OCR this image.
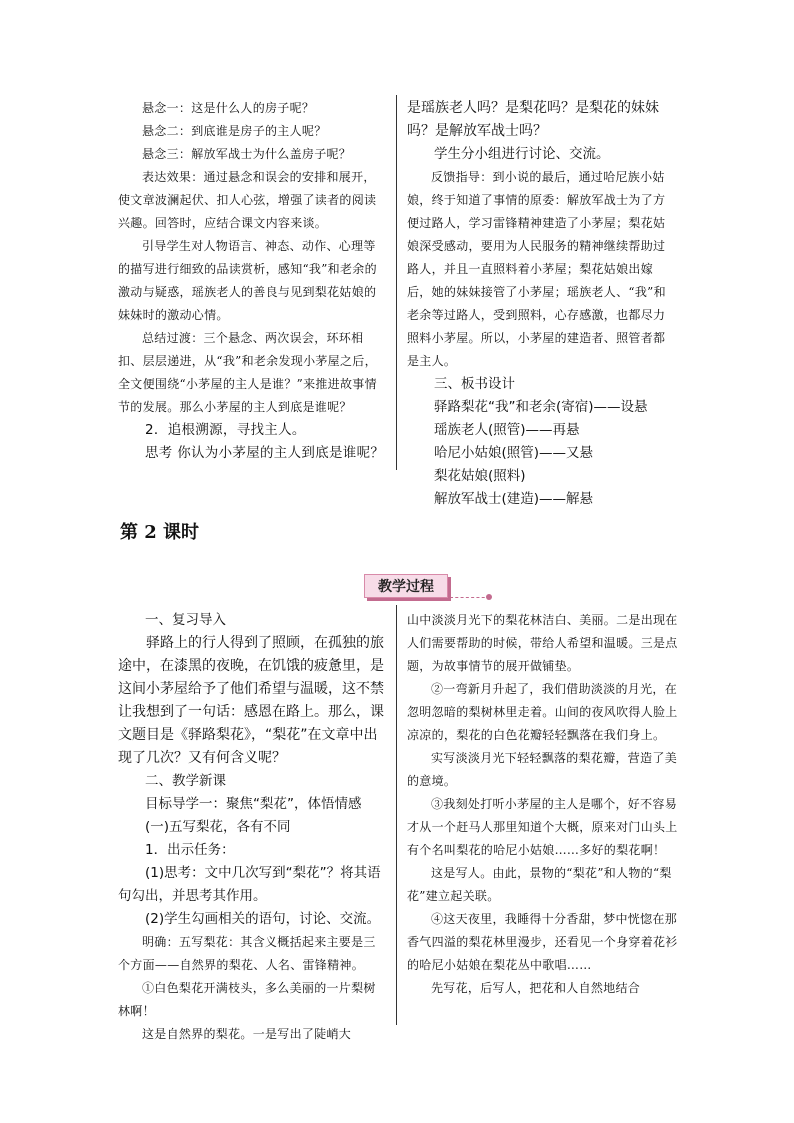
悬念一：这是什么人的房子呢？

悬念二：到底谁是房子的主人呢？

悬念三：解放军战士为什么盖房子呢？

表达效果：通过悬念和误会的安排和展开，使文章波澜起伏、扣人心弦，增强了读者的阅读兴趣。回答时，应结合课文内容来谈。

引导学生对人物语言、神态、动作、心理等的描写进行细致的品读赏析，感知“我”和老余的激动与疑惑，瑶族老人的善良与见到梨花姑娘的妹妹时的激动心情。

总结过渡：三个悬念、两次误会，环环相扣、层层递进，从“我”和老余发现小茅屋之后，全文便围绕“小茅屋的主人是谁？”来推进故事情节的发展。那么小茅屋的主人到底是谁呢？

2．追根溯源，寻找主人。

思考 你认为小茅屋的主人到底是谁呢？

是瑶族老人吗？是梨花吗？是梨花的妹妹吗？是解放军战士吗？

学生分小组进行讨论、交流。

反馈指导：到小说的最后，通过哈尼族小姑娘，终于知道了事情的原委：解放军战士为了方便过路人，学习雷锋精神建造了小茅屋；梨花姑娘深受感动，要用为人民服务的精神继续帮助过路人，并且一直照料着小茅屋；梨花姑娘出嫁后，她的妹妹接管了小茅屋；瑶族老人、“我”和老余等过路人，受到照料，心存感激，也都尽力照料小茅屋。所以，小茅屋的建造者、照管者都是主人。

三、板书设计

驿路梨花“我”和老余(寄宿)——设悬

瑶族老人(照管)——再悬

哈尼小姑娘(照管)——又悬

梨花姑娘(照料)

解放军战士(建造)——解悬

第 2 课时
教学过程

一、复习导入

驿路上的行人得到了照顾，在孤独的旅途中，在漆黑的夜晚，在饥饿的疲惫里，是这间小茅屋给予了他们希望与温暖，这不禁让我想到了一句话：感恩在路上。那么，课文题目是《驿路梨花》，“梨花”在文章中出现了几次？又有何含义呢？

二、教学新课

目标导学一：聚焦“梨花”，体悟情感

(一)五写梨花，各有不同

1．出示任务：

(1)思考：文中几次写到“梨花”？将其语句勾出，并思考其作用。

(2)学生勾画相关的语句，讨论、交流。

明确：五写梨花：其含义概括起来主要是三个方面——自然界的梨花、人名、雷锋精神。

①白色梨花开满枝头，多么美丽的一片梨树林啊！

这是自然界的梨花。一是写出了陡峭大

山中淡淡月光下的梨花林洁白、美丽。二是出现在人们需要帮助的时候，带给人希望和温暖。三是点题，为故事情节的展开做铺垫。

②一弯新月升起了，我们借助淡淡的月光，在忽明忽暗的梨树林里走着。山间的夜风吹得人脸上凉凉的，梨花的白色花瓣轻轻飘落在我们身上。

实写淡淡月光下轻轻飘落的梨花瓣，营造了美的意境。

③我刻处打听小茅屋的主人是哪个，好不容易才从一个赶马人那里知道个大概，原来对门山头上有个名叫梨花的哈尼小姑娘……多好的梨花啊！

这是写人。由此，景物的“梨花”和人物的“梨花”建立起关联。

④这天夜里，我睡得十分香甜，梦中恍惚在那香气四溢的梨花林里漫步，还看见一个身穿着花衫的哈尼小姑娘在梨花丛中歌唱……

先写花，后写人，把花和人自然地结合
